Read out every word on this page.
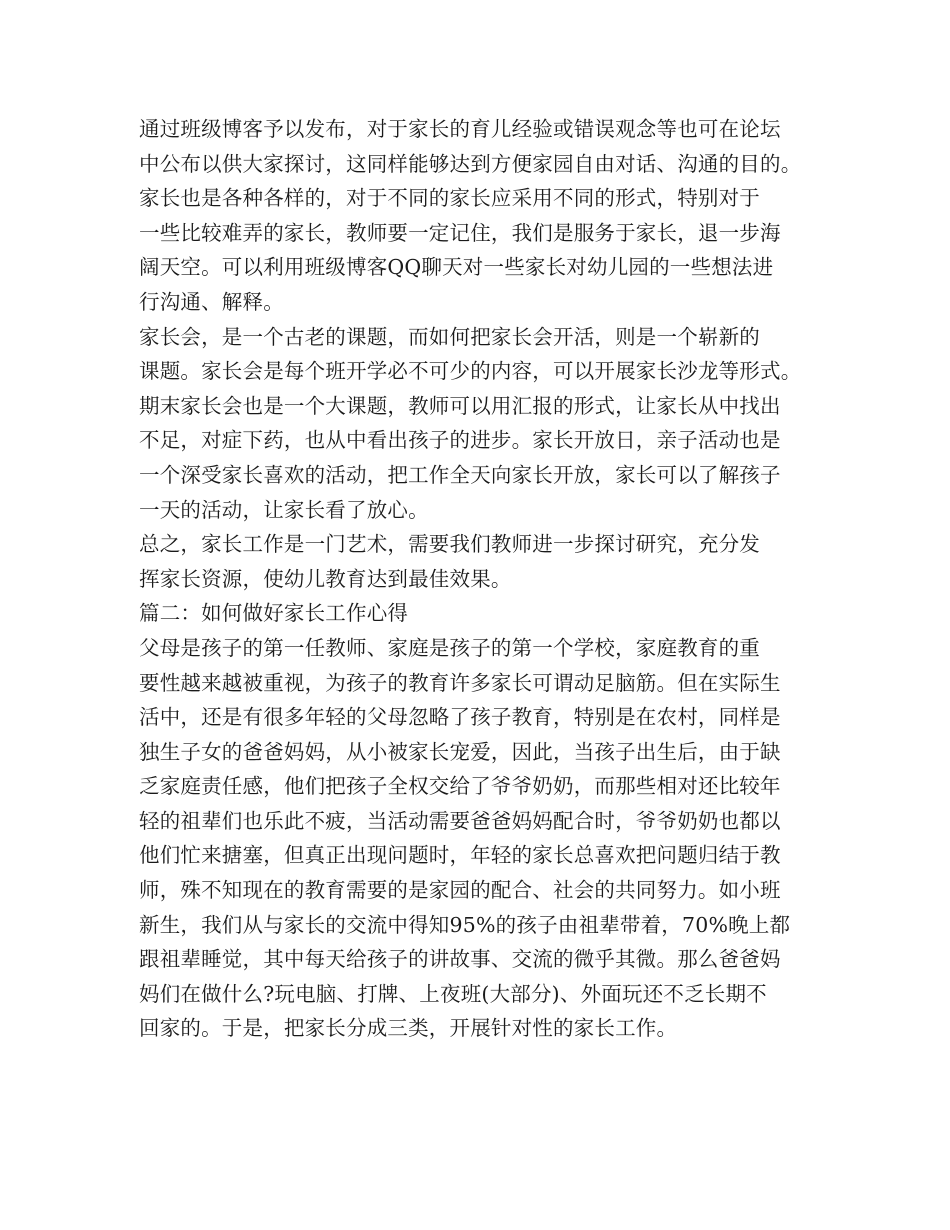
通过班级博客予以发布，对于家长的育儿经验或错误观念等也可在论坛
中公布以供大家探讨，这同样能够达到方便家园自由对话、沟通的目的。
家长也是各种各样的，对于不同的家长应采用不同的形式，特别对于
一些比较难弄的家长，教师要一定记住，我们是服务于家长，退一步海
阔天空。可以利用班级博客QQ聊天对一些家长对幼儿园的一些想法进
行沟通、解释。
家长会，是一个古老的课题，而如何把家长会开活，则是一个崭新的
课题。家长会是每个班开学必不可少的内容，可以开展家长沙龙等形式。
期末家长会也是一个大课题，教师可以用汇报的形式，让家长从中找出
不足，对症下药，也从中看出孩子的进步。家长开放日，亲子活动也是
一个深受家长喜欢的活动，把工作全天向家长开放，家长可以了解孩子
一天的活动，让家长看了放心。
总之，家长工作是一门艺术，需要我们教师进一步探讨研究，充分发
挥家长资源，使幼儿教育达到最佳效果。
篇二：如何做好家长工作心得
父母是孩子的第一任教师、家庭是孩子的第一个学校，家庭教育的重
要性越来越被重视，为孩子的教育许多家长可谓动足脑筋。但在实际生
活中，还是有很多年轻的父母忽略了孩子教育，特别是在农村，同样是
独生子女的爸爸妈妈，从小被家长宠爱，因此，当孩子出生后，由于缺
乏家庭责任感，他们把孩子全权交给了爷爷奶奶，而那些相对还比较年
轻的祖辈们也乐此不疲，当活动需要爸爸妈妈配合时，爷爷奶奶也都以
他们忙来搪塞，但真正出现问题时，年轻的家长总喜欢把问题归结于教
师，殊不知现在的教育需要的是家园的配合、社会的共同努力。如小班
新生，我们从与家长的交流中得知95%的孩子由祖辈带着，70%晚上都
跟祖辈睡觉，其中每天给孩子的讲故事、交流的微乎其微。那么爸爸妈
妈们在做什么?玩电脑、打牌、上夜班(大部分)、外面玩还不乏长期不
回家的。于是，把家长分成三类，开展针对性的家长工作。
